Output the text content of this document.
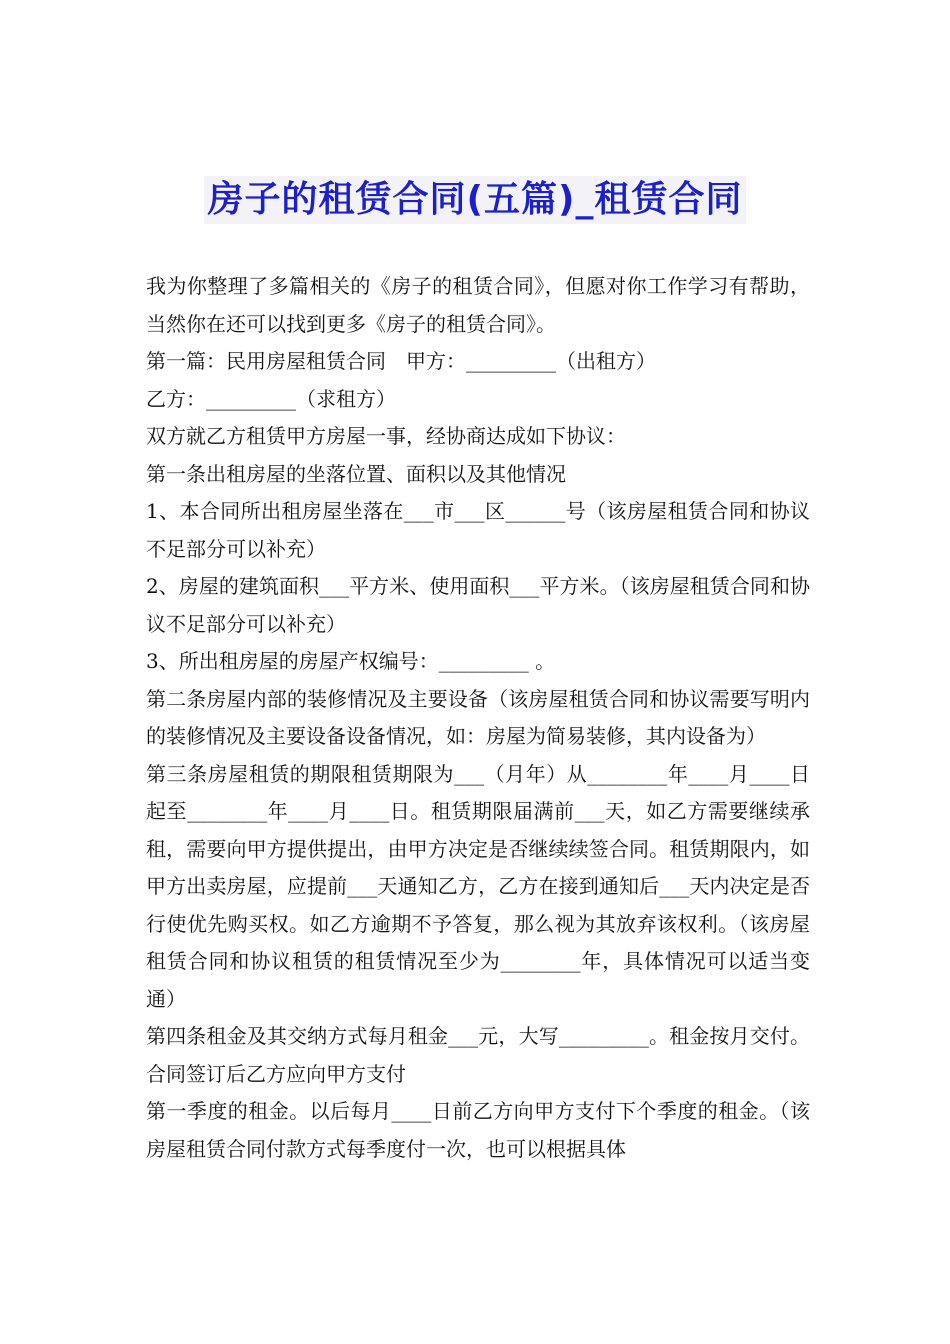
房子的租赁合同(五篇)_租赁合同

我为你整理了多篇相关的《房子的租赁合同》，但愿对你工作学习有帮助，当然你在还可以找到更多《房子的租赁合同》。

第一篇：民用房屋租赁合同　甲方：_________（出租方）

乙方：_________（求租方）

双方就乙方租赁甲方房屋一事，经协商达成如下协议：

第一条出租房屋的坐落位置、面积以及其他情况

1、本合同所出租房屋坐落在___市___区______号（该房屋租赁合同和协议不足部分可以补充）

2、房屋的建筑面积___平方米、使用面积___平方米。（该房屋租赁合同和协议不足部分可以补充）

3、所出租房屋的房屋产权编号：_________ 。

第二条房屋内部的装修情况及主要设备（该房屋租赁合同和协议需要写明内的装修情况及主要设备设备情况，如：房屋为简易装修，其内设备为）

第三条房屋租赁的期限租赁期限为___（月年）从________年____月____日起至________年____月____日。租赁期限届满前___天，如乙方需要继续承租，需要向甲方提供提出，由甲方决定是否继续续签合同。租赁期限内，如甲方出卖房屋，应提前___天通知乙方，乙方在接到通知后___天内决定是否行使优先购买权。如乙方逾期不予答复，那么视为其放弃该权利。（该房屋租赁合同和协议租赁的租赁情况至少为________年，具体情况可以适当变通）

第四条租金及其交纳方式每月租金___元，大写_________。租金按月交付。合同签订后乙方应向甲方支付

第一季度的租金。以后每月____日前乙方向甲方支付下个季度的租金。（该房屋租赁合同付款方式每季度付一次，也可以根据具体
